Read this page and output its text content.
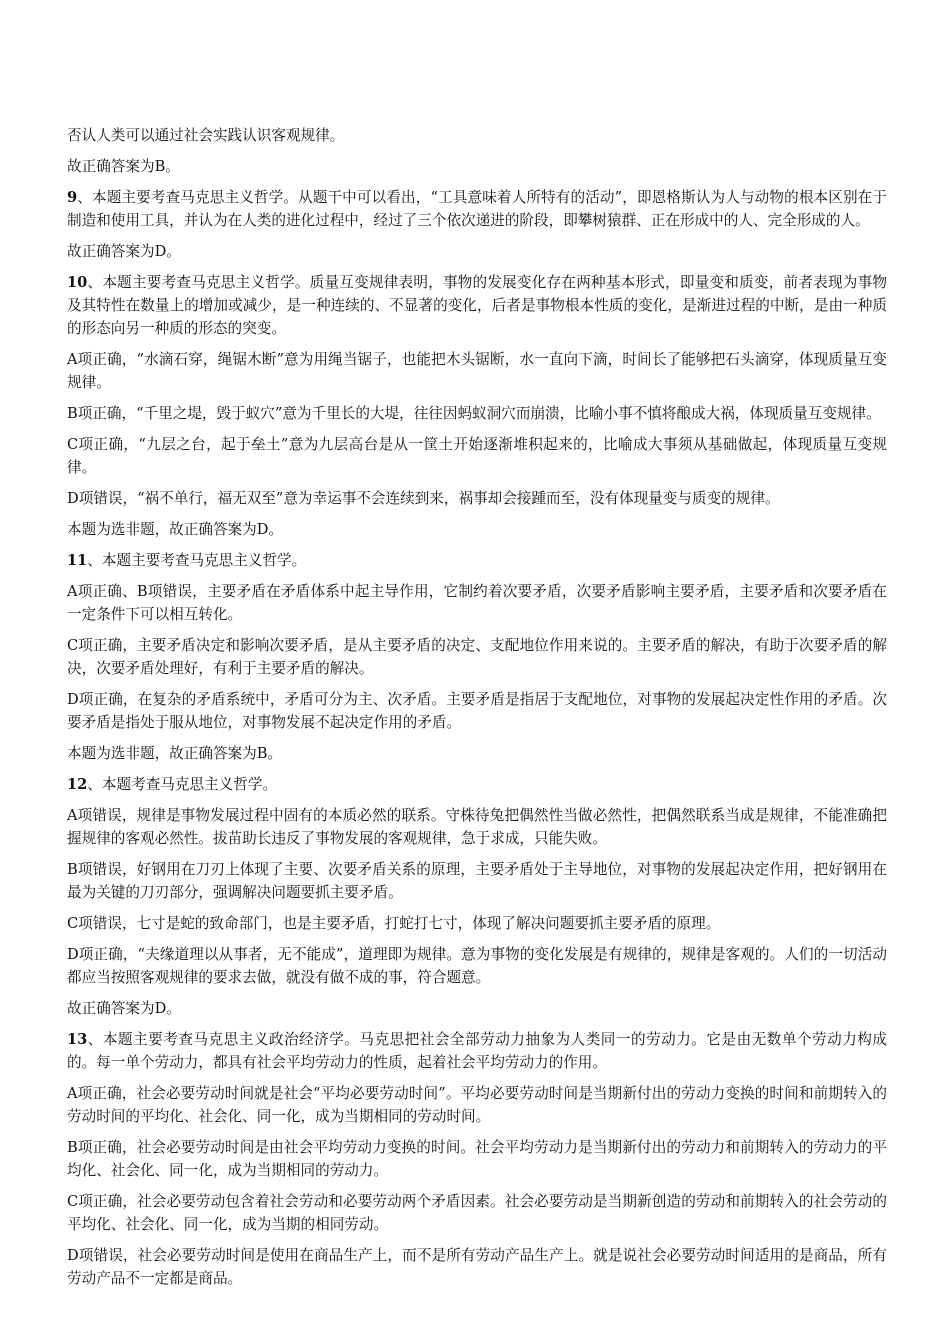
否认人类可以通过社会实践认识客观规律。

故正确答案为B。

9、本题主要考查马克思主义哲学。从题干中可以看出，“工具意味着人所特有的活动”，即恩格斯认为人与动物的根本区别在于制造和使用工具，并认为在人类的进化过程中，经过了三个依次递进的阶段，即攀树猿群、正在形成中的人、完全形成的人。

故正确答案为D。

10、本题主要考查马克思主义哲学。质量互变规律表明，事物的发展变化存在两种基本形式，即量变和质变，前者表现为事物及其特性在数量上的增加或减少，是一种连续的、不显著的变化，后者是事物根本性质的变化，是渐进过程的中断，是由一种质的形态向另一种质的形态的突变。

A项正确，“水滴石穿，绳锯木断”意为用绳当锯子，也能把木头锯断，水一直向下滴，时间长了能够把石头滴穿，体现质量互变规律。

B项正确，“千里之堤，毁于蚁穴”意为千里长的大堤，往往因蚂蚁洞穴而崩溃，比喻小事不慎将酿成大祸，体现质量互变规律。

C项正确，“九层之台，起于垒土”意为九层高台是从一筐土开始逐渐堆积起来的，比喻成大事须从基础做起，体现质量互变规律。

D项错误，“祸不单行，福无双至”意为幸运事不会连续到来，祸事却会接踵而至，没有体现量变与质变的规律。

本题为选非题，故正确答案为D。

11、本题主要考查马克思主义哲学。

A项正确、B项错误，主要矛盾在矛盾体系中起主导作用，它制约着次要矛盾，次要矛盾影响主要矛盾，主要矛盾和次要矛盾在一定条件下可以相互转化。

C项正确，主要矛盾决定和影响次要矛盾，是从主要矛盾的决定、支配地位作用来说的。主要矛盾的解决，有助于次要矛盾的解决，次要矛盾处理好，有利于主要矛盾的解决。

D项正确，在复杂的矛盾系统中，矛盾可分为主、次矛盾。主要矛盾是指居于支配地位，对事物的发展起决定性作用的矛盾。次要矛盾是指处于服从地位，对事物发展不起决定作用的矛盾。

本题为选非题，故正确答案为B。

12、本题考查马克思主义哲学。

A项错误，规律是事物发展过程中固有的本质必然的联系。守株待兔把偶然性当做必然性，把偶然联系当成是规律，不能准确把握规律的客观必然性。拔苗助长违反了事物发展的客观规律，急于求成，只能失败。

B项错误，好钢用在刀刃上体现了主要、次要矛盾关系的原理，主要矛盾处于主导地位，对事物的发展起决定作用，把好钢用在最为关键的刀刃部分，强调解决问题要抓主要矛盾。

C项错误，七寸是蛇的致命部门，也是主要矛盾，打蛇打七寸，体现了解决问题要抓主要矛盾的原理。

D项正确，“夫缘道理以从事者，无不能成”，道理即为规律。意为事物的变化发展是有规律的，规律是客观的。人们的一切活动都应当按照客观规律的要求去做，就没有做不成的事，符合题意。

故正确答案为D。

13、本题主要考查马克思主义政治经济学。马克思把社会全部劳动力抽象为人类同一的劳动力。它是由无数单个劳动力构成的。每一单个劳动力，都具有社会平均劳动力的性质，起着社会平均劳动力的作用。

A项正确，社会必要劳动时间就是社会“平均必要劳动时间”。平均必要劳动时间是当期新付出的劳动力变换的时间和前期转入的劳动时间的平均化、社会化、同一化，成为当期相同的劳动时间。

B项正确，社会必要劳动时间是由社会平均劳动力变换的时间。社会平均劳动力是当期新付出的劳动力和前期转入的劳动力的平均化、社会化、同一化，成为当期相同的劳动力。

C项正确，社会必要劳动包含着社会劳动和必要劳动两个矛盾因素。社会必要劳动是当期新创造的劳动和前期转入的社会劳动的平均化、社会化、同一化，成为当期的相同劳动。

D项错误，社会必要劳动时间是使用在商品生产上，而不是所有劳动产品生产上。就是说社会必要劳动时间适用的是商品，所有劳动产品不一定都是商品。
